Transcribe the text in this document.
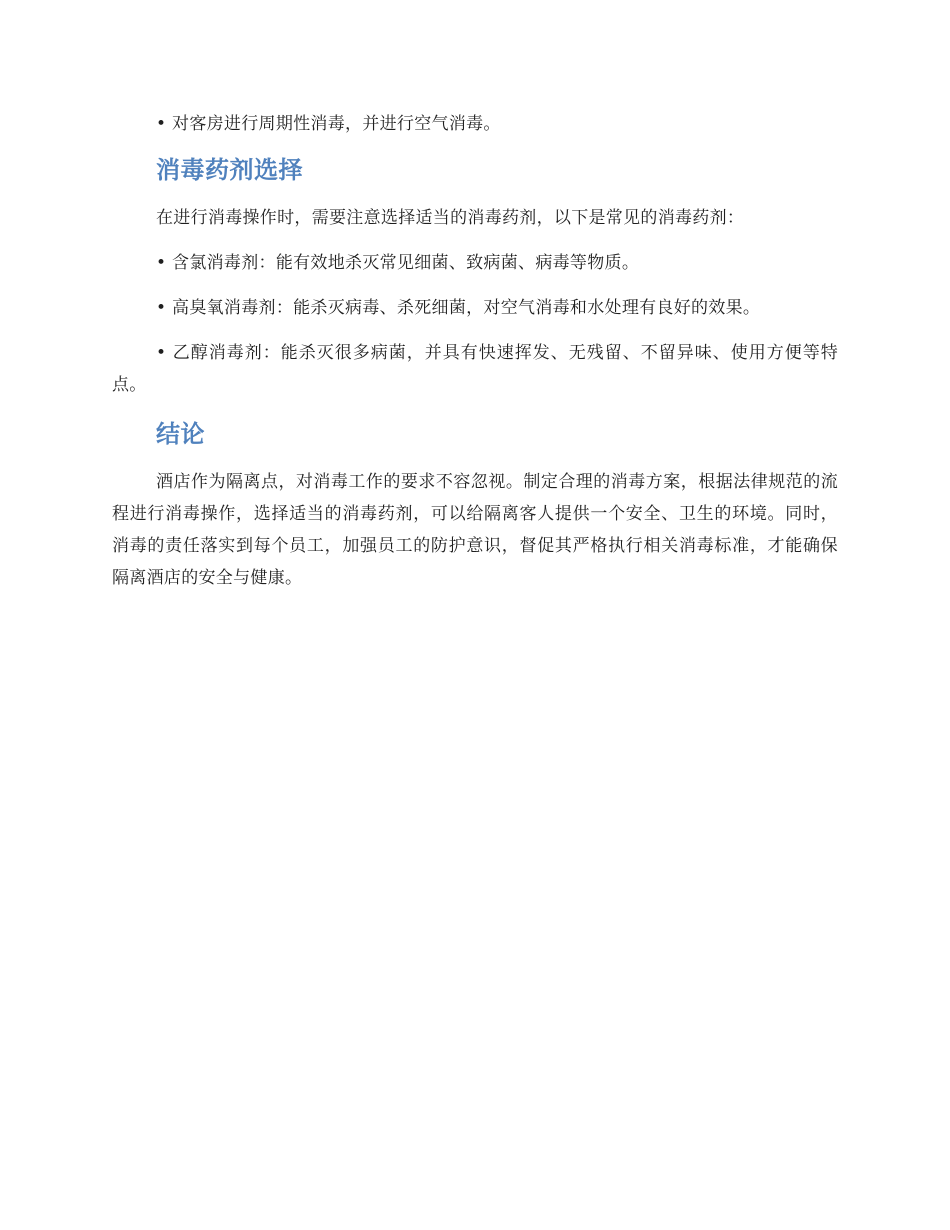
• 对客房进行周期性消毒，并进行空气消毒。

消毒药剂选择

在进行消毒操作时，需要注意选择适当的消毒药剂，以下是常见的消毒药剂：

• 含氯消毒剂：能有效地杀灭常见细菌、致病菌、病毒等物质。

• 高臭氧消毒剂：能杀灭病毒、杀死细菌，对空气消毒和水处理有良好的效果。

• 乙醇消毒剂：能杀灭很多病菌，并具有快速挥发、无残留、不留异味、使用方便等特点。

结论

酒店作为隔离点，对消毒工作的要求不容忽视。制定合理的消毒方案，根据法律规范的流程进行消毒操作，选择适当的消毒药剂，可以给隔离客人提供一个安全、卫生的环境。同时，消毒的责任落实到每个员工，加强员工的防护意识，督促其严格执行相关消毒标准，才能确保隔离酒店的安全与健康。
